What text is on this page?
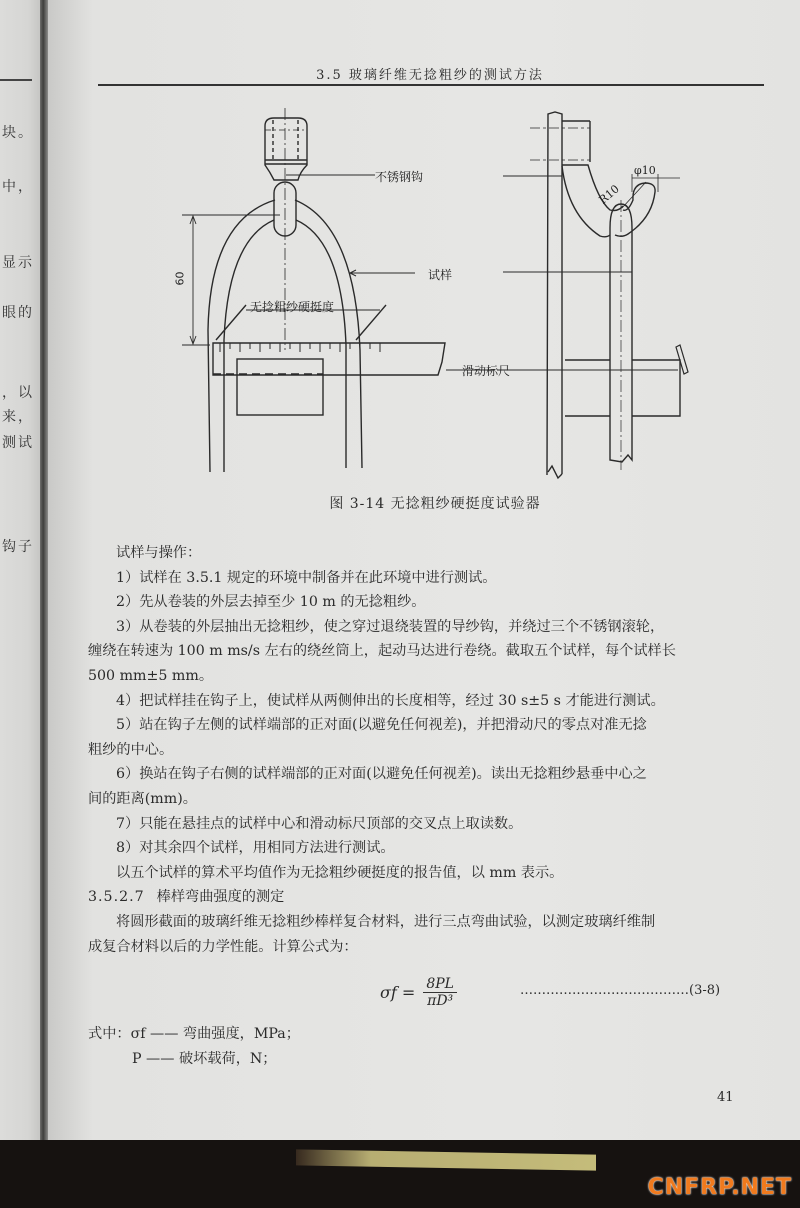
块。
中，
显示
眼的
，以
来，
测试
钩子
3.5 玻璃纤维无捻粗纱的测试方法
不锈钢钩
试样
无捻粗纱硬挺度
滑动标尺
60
R10
φ10
图 3-14 无捻粗纱硬挺度试验器

试样与操作：

1）试样在 3.5.1 规定的环境中制备并在此环境中进行测试。

2）先从卷装的外层去掉至少 10 m 的无捻粗纱。

3）从卷装的外层抽出无捻粗纱，使之穿过退绕装置的导纱钩，并绕过三个不锈钢滚轮，

缠绕在转速为 100 m ms/s 左右的绕丝筒上，起动马达进行卷绕。截取五个试样，每个试样长

500 mm±5 mm。

4）把试样挂在钩子上，使试样从两侧伸出的长度相等，经过 30 s±5 s 才能进行测试。

5）站在钩子左侧的试样端部的正对面(以避免任何视差)，并把滑动尺的零点对准无捻

粗纱的中心。

6）换站在钩子右侧的试样端部的正对面(以避免任何视差)。读出无捻粗纱悬垂中心之

间的距离(mm)。

7）只能在悬挂点的试样中心和滑动标尺顶部的交叉点上取读数。

8）对其余四个试样，用相同方法进行测试。

以五个试样的算术平均值作为无捻粗纱硬挺度的报告值，以 mm 表示。

3.5.2.7 棒样弯曲强度的测定

将圆形截面的玻璃纤维无捻粗纱棒样复合材料，进行三点弯曲试验，以测定玻璃纤维制

成复合材料以后的力学性能。计算公式为：

$\sigma f = \frac{8PL}{\text{πD³}}$	…………………………………(3-8)

式中：σf —— 弯曲强度，MPa；

P —— 破坏载荷，N；

41
CNFRP.NET
